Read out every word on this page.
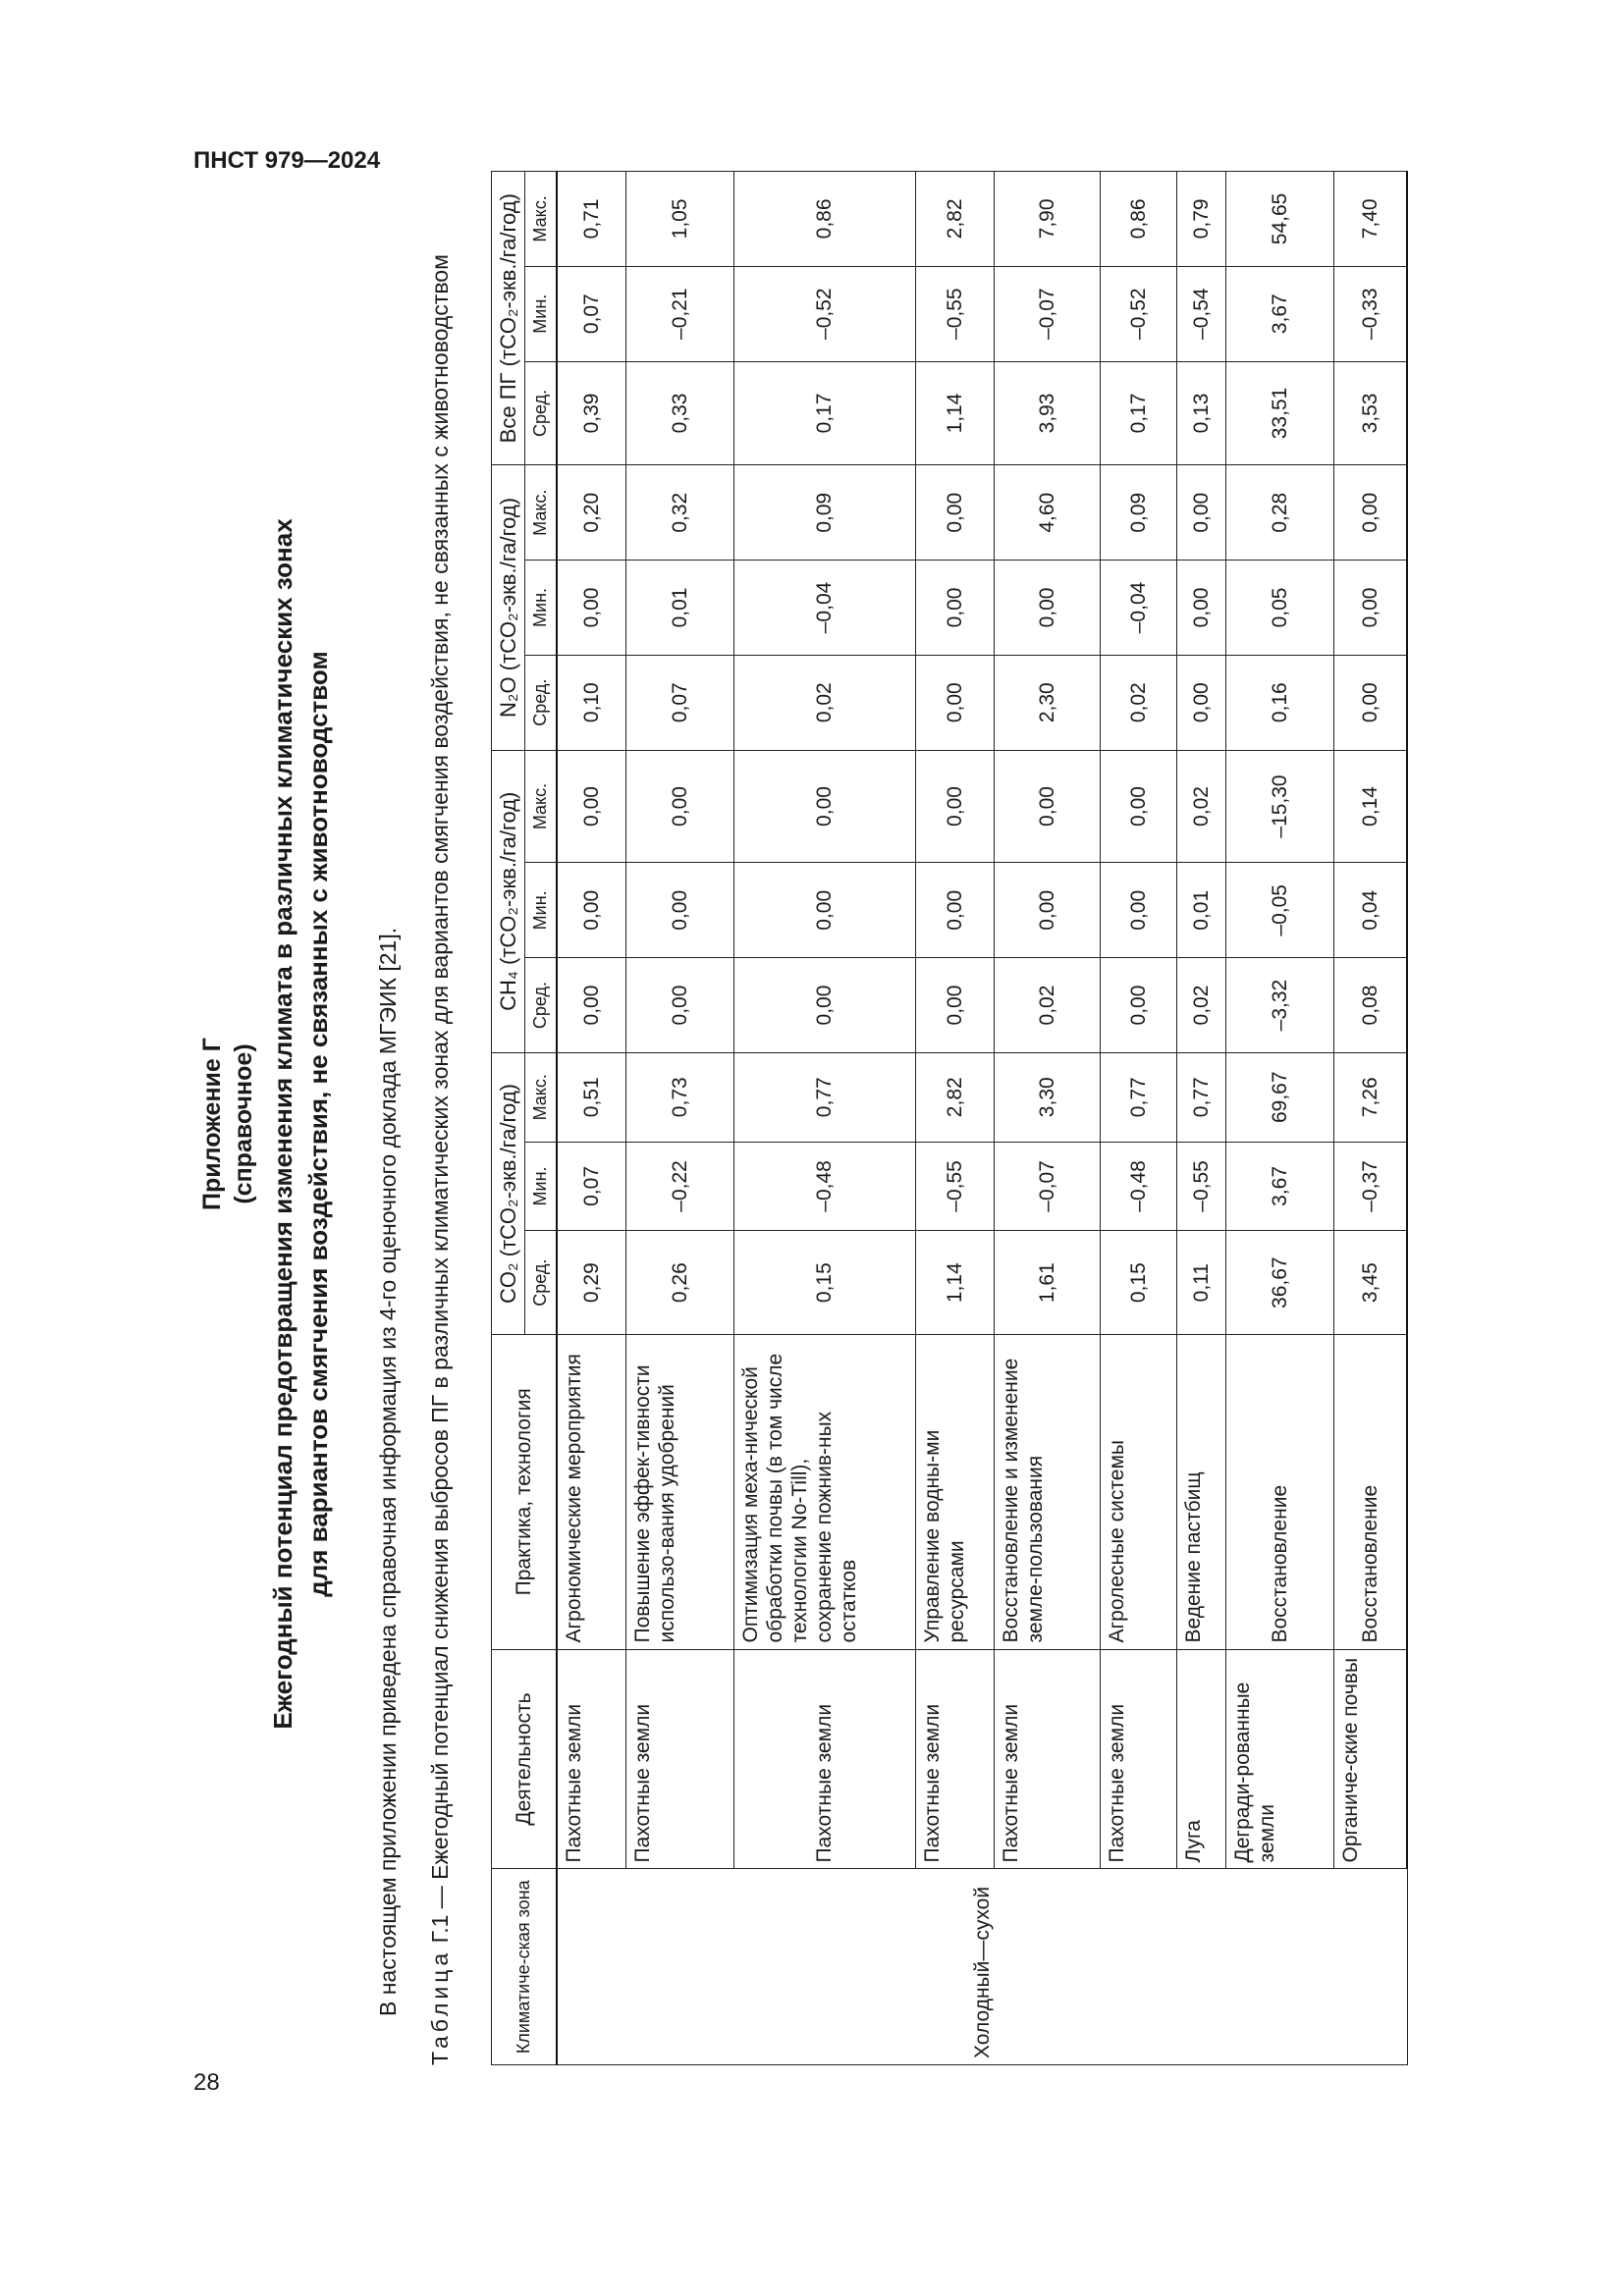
ПНСТ 979—2024
28
Приложение Г (справочное) Ежегодный потенциал предотвращения изменения климата в различных климатических зонах для вариантов смягчения воздействия, не связанных с животноводством В настоящем приложении приведена справочная информация из 4-го оценочного доклада МГЭИК [21]. Таблица Г.1 — Ежегодный потенциал снижения выбросов ПГ в различных климатических зонах для вариантов смягчения воздействия, не связанных с животноводством
Климатиче-ская зона	Деятельность	Практика, технология	CO₂ (тCO₂-экв./га/год)			CH₄ (тCO₂-экв./га/год)			N₂O (тCO₂-экв./га/год)			Все ПГ (тCO₂-экв./га/год)		
			Сред.	Мин.	Макс.	Сред.	Мин.	Макс.	Сред.	Мин.	Макс.	Сред.	Мин.	Макс.
Холодный—сухой	Пахотные земли	Агрономические мероприятия	0,29	0,07	0,51	0,00	0,00	0,00	0,10	0,00	0,20	0,39	0,07	0,71
	Пахотные земли	Повышение эффек-тивности использо-вания удобрений	0,26	–0,22	0,73	0,00	0,00	0,00	0,07	0,01	0,32	0,33	–0,21	1,05
	Пахотные земли	Оптимизация меха-нической обработки почвы (в том числе технологии No-Till), сохранение пожнив-ных остатков	0,15	–0,48	0,77	0,00	0,00	0,00	0,02	–0,04	0,09	0,17	–0,52	0,86
	Пахотные земли	Управление водны-ми ресурсами	1,14	–0,55	2,82	0,00	0,00	0,00	0,00	0,00	0,00	1,14	–0,55	2,82
	Пахотные земли	Восстановление и изменение земле-пользования	1,61	–0,07	3,30	0,02	0,00	0,00	2,30	0,00	4,60	3,93	–0,07	7,90
	Пахотные земли	Агролесные системы	0,15	–0,48	0,77	0,00	0,00	0,00	0,02	–0,04	0,09	0,17	–0,52	0,86
	Луга	Ведение пастбищ	0,11	–0,55	0,77	0,02	0,01	0,02	0,00	0,00	0,00	0,13	–0,54	0,79
	Дегради-рованные земли	Восстановление	36,67	3,67	69,67	–3,32	–0,05	–15,30	0,16	0,05	0,28	33,51	3,67	54,65
	Органиче-ские почвы	Восстановление	3,45	–0,37	7,26	0,08	0,04	0,14	0,00	0,00	0,00	3,53	–0,33	7,40
